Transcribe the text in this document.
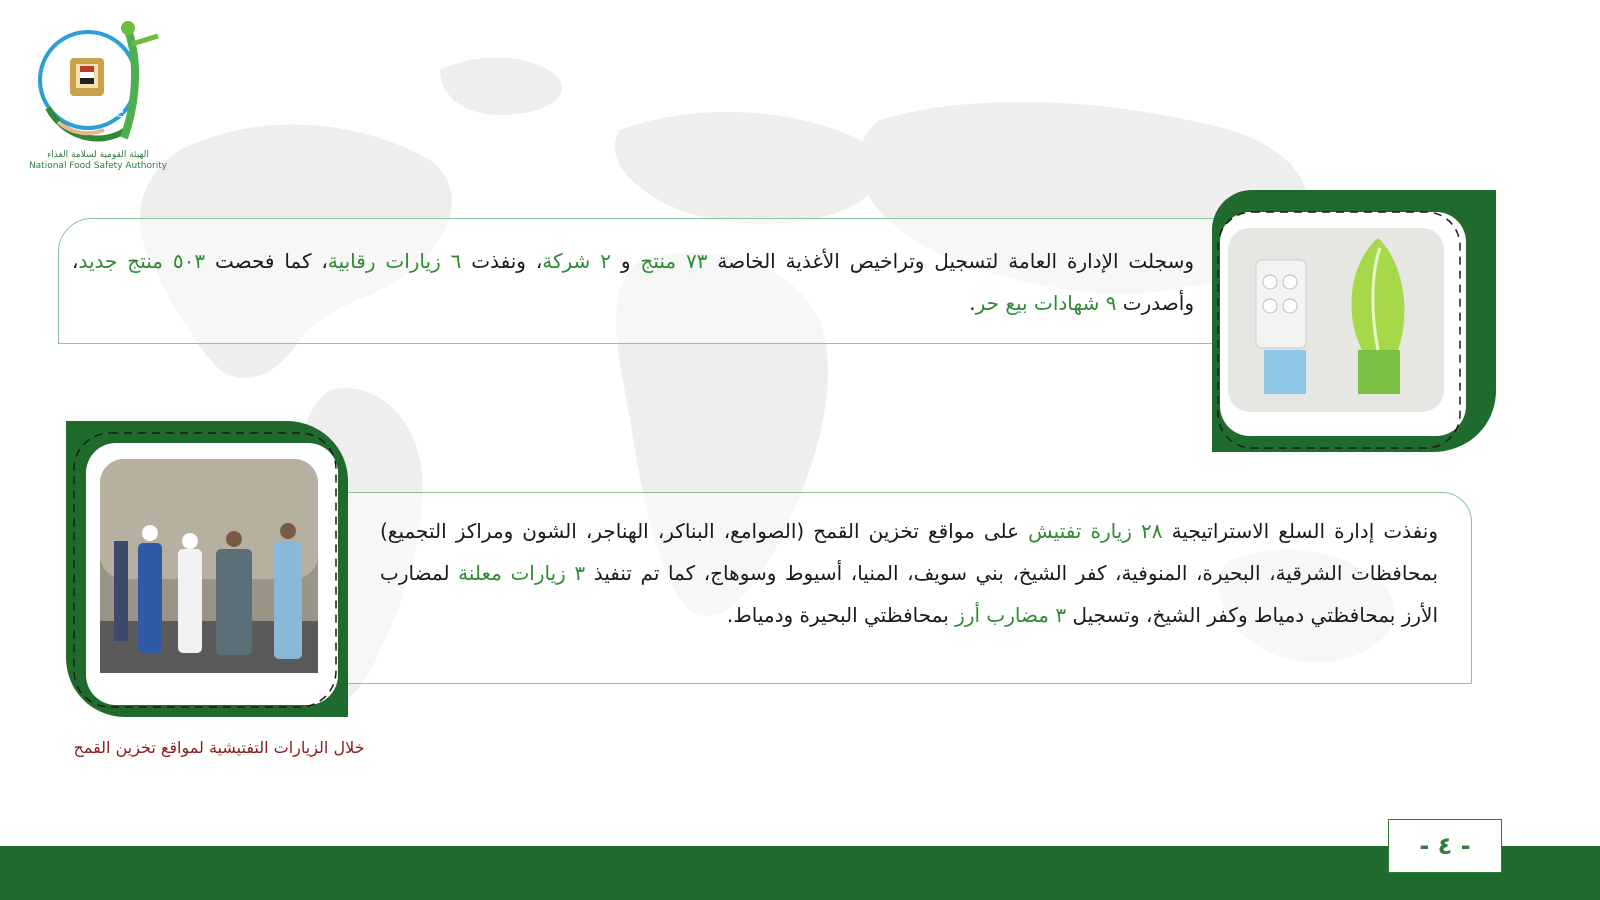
NFSA
الهيئة القومية لسلامة الغذاء
National Food Safety Authority
وسجلت الإدارة العامة لتسجيل وتراخيص الأغذية الخاصة ٧٣ منتج و ٢ شركة، ونفذت ٦ زيارات رقابية، كما فحصت ٥٠٣ منتج جديد، وأصدرت ٩ شهادات بيع حر.
ونفذت إدارة السلع الاستراتيجية ٢٨ زيارة تفتيش على مواقع تخزين القمح (الصوامع، البناكر، الهناجر، الشون ومراكز التجميع) بمحافظات الشرقية، البحيرة، المنوفية، كفر الشيخ، بني سويف، المنيا، أسيوط وسوهاج، كما تم تنفيذ ٣ زيارات معلنة لمضارب الأرز بمحافظتي دمياط وكفر الشيخ، وتسجيل ٣ مضارب أرز بمحافظتي البحيرة ودمياط.
خلال الزيارات التفتيشية لمواقع تخزين القمح
- ٤ -
